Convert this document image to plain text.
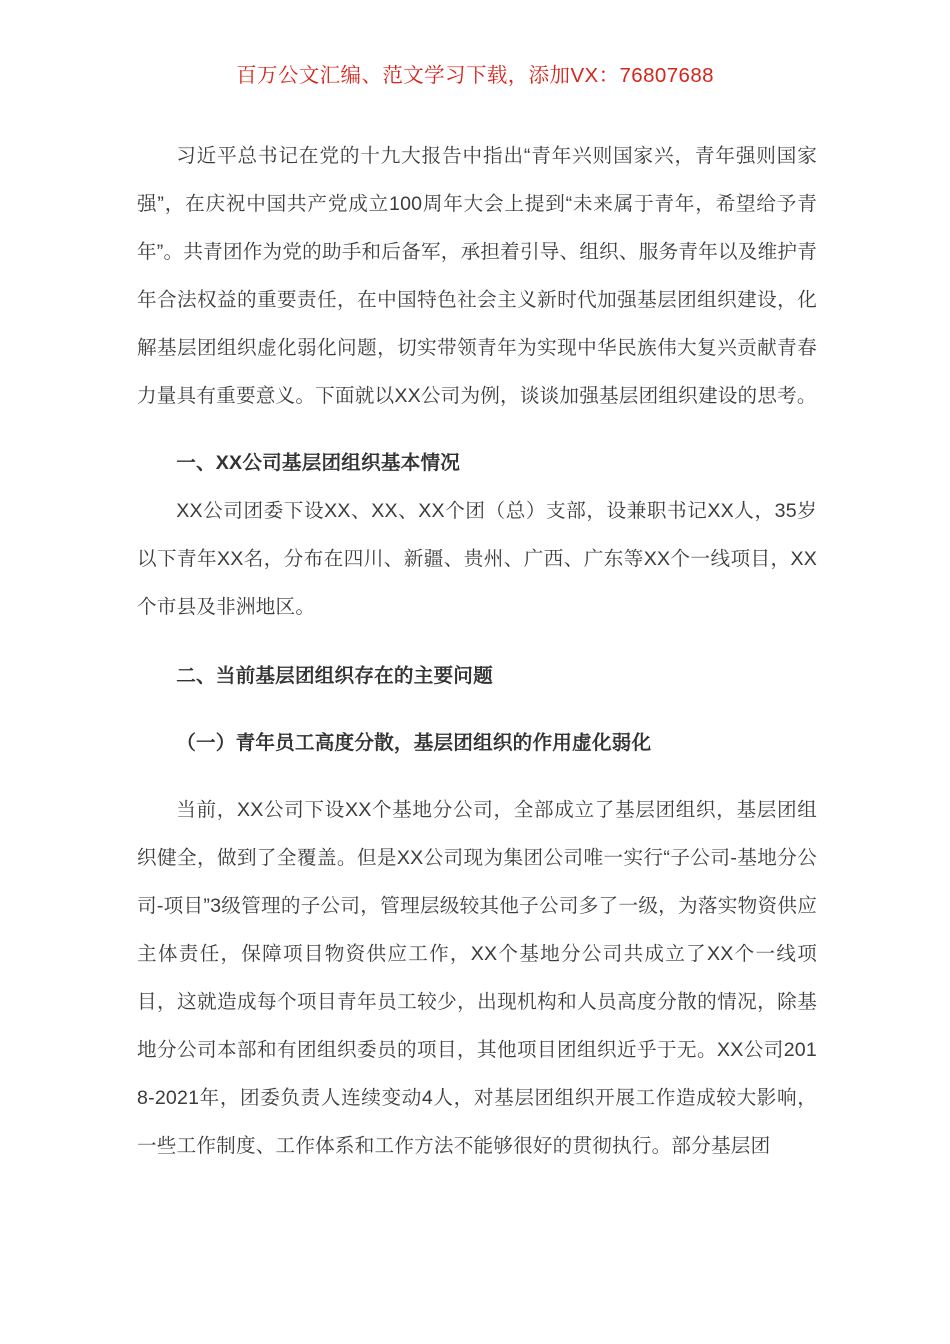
百万公文汇编、范文学习下载，添加VX：76807688

习近平总书记在党的十九大报告中指出“青年兴则国家兴，青年强则国家强”，在庆祝中国共产党成立100周年大会上提到“未来属于青年，希望给予青年”。共青团作为党的助手和后备军，承担着引导、组织、服务青年以及维护青年合法权益的重要责任，在中国特色社会主义新时代加强基层团组织建设，化解基层团组织虚化弱化问题，切实带领青年为实现中华民族伟大复兴贡献青春力量具有重要意义。下面就以XX公司为例，谈谈加强基层团组织建设的思考。

一、XX公司基层团组织基本情况

XX公司团委下设XX、XX、XX个团（总）支部，设兼职书记XX人，35岁以下青年XX名，分布在四川、新疆、贵州、广西、广东等XX个一线项目，XX个市县及非洲地区。

二、当前基层团组织存在的主要问题
（一）青年员工高度分散，基层团组织的作用虚化弱化

当前，XX公司下设XX个基地分公司，全部成立了基层团组织，基层团组织健全，做到了全覆盖。但是XX公司现为集团公司唯一实行“子公司-基地分公司-项目”3级管理的子公司，管理层级较其他子公司多了一级，为落实物资供应主体责任，保障项目物资供应工作，XX个基地分公司共成立了XX个一线项目，这就造成每个项目青年员工较少，出现机构和人员高度分散的情况，除基地分公司本部和有团组织委员的项目，其他项目团组织近乎于无。XX公司2018-2021年，团委负责人连续变动4人，对基层团组织开展工作造成较大影响，一些工作制度、工作体系和工作方法不能够很好的贯彻执行。部分基层团
